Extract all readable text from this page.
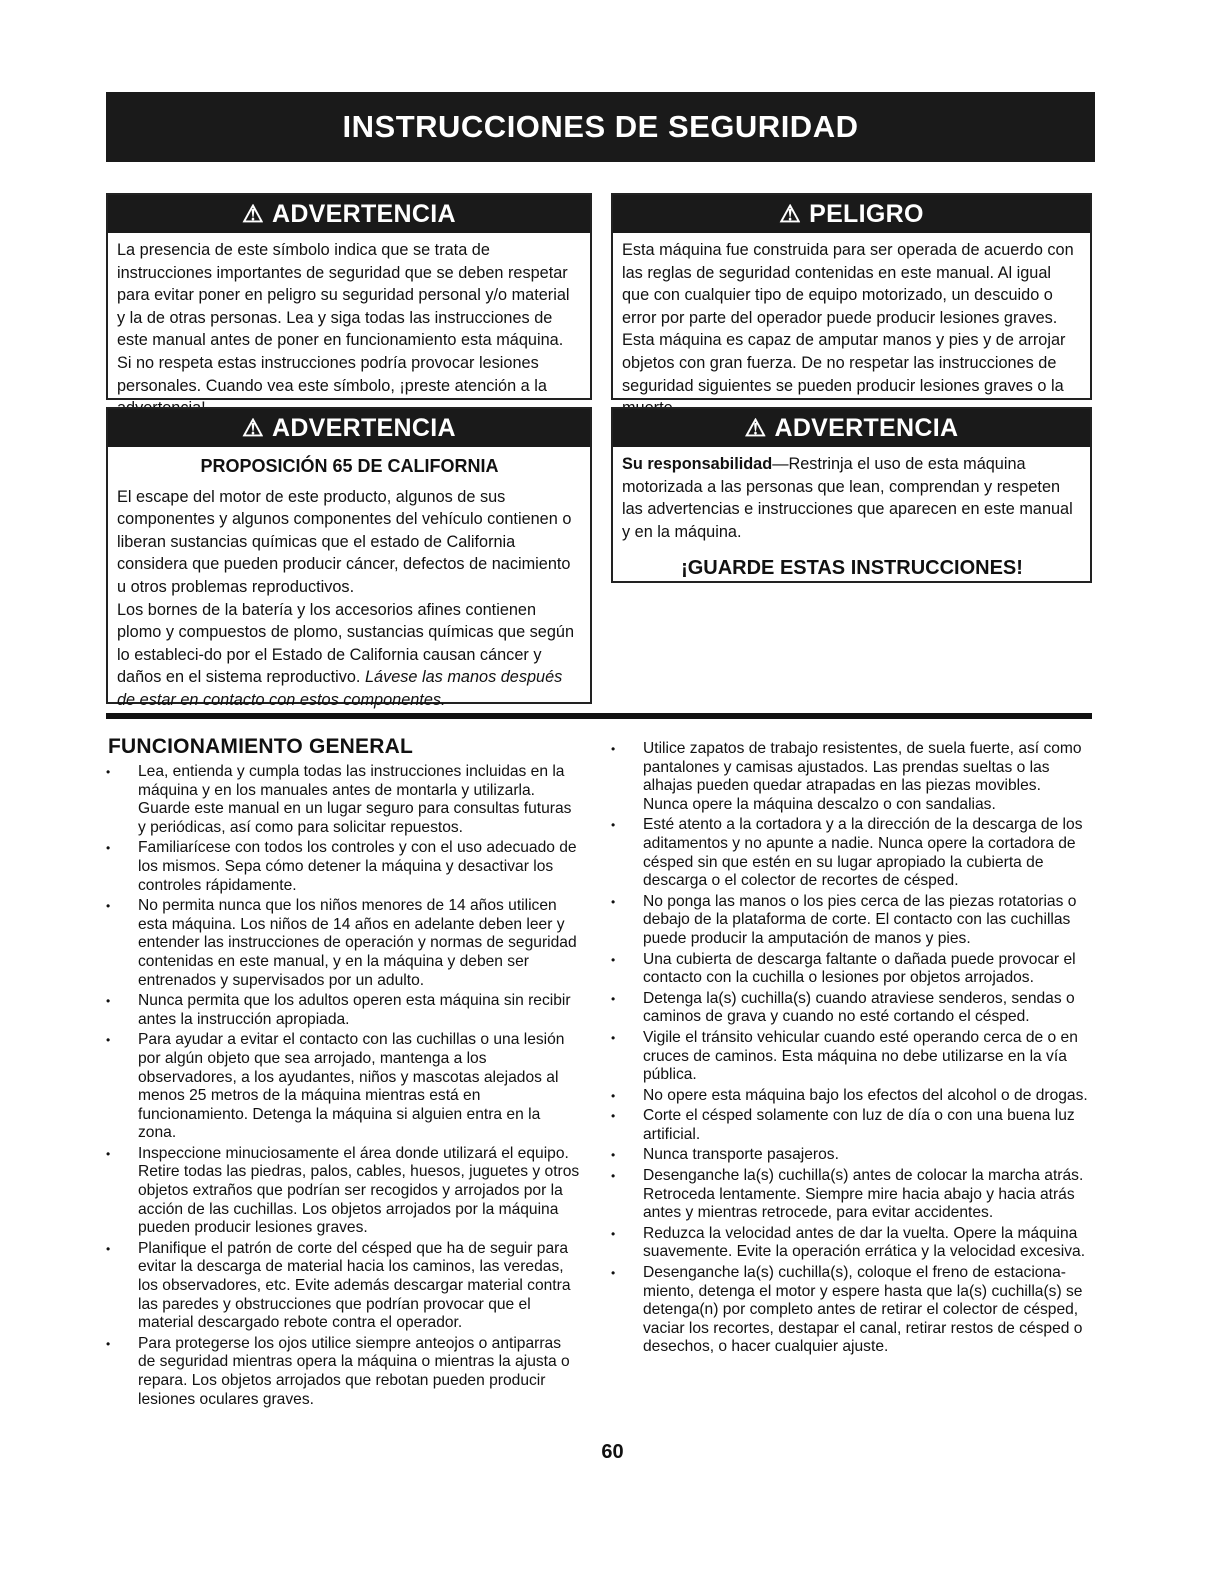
INSTRUCCIONES DE SEGURIDAD
⚠ ADVERTENCIA

La presencia de este símbolo indica que se trata de instrucciones importantes de seguridad que se deben respetar para evitar poner en peligro su seguridad personal y/o material y la de otras personas. Lea y siga todas las instrucciones de este manual antes de poner en funcionamiento esta máquina. Si no respeta estas instrucciones podría provocar lesiones personales. Cuando vea este símbolo, ¡preste atención a la

⚠ PELIGRO

Esta máquina fue construida para ser operada de acuerdo con las reglas de seguridad contenidas en este manual. Al igual que con cualquier tipo de equipo motorizado, un descuido o error por parte del operador puede producir lesiones graves. Esta máquina es capaz de amputar manos y pies y de arrojar objetos con gran fuerza. De no respetar las instrucciones de seguridad siguientes se pueden producir lesiones graves o la

⚠ ADVERTENCIA
PROPOSICIÓN 65 DE CALIFORNIA

El escape del motor de este producto, algunos de sus componentes y algunos componentes del vehículo contienen o liberan sustancias químicas que el estado de California considera que pueden producir cáncer, defectos de nacimiento u otros problemas reproductivos.

Los bornes de la batería y los accesorios afines contienen plomo y compuestos de plomo, sustancias químicas que según lo estableci-do por el Estado de California causan cáncer y daños en el sistema reproductivo. Lávese las manos después de estar en contacto con estos componentes.

⚠ ADVERTENCIA

Su responsabilidad—Restrinja el uso de esta máquina motorizada a las personas que lean, comprendan y respeten las advertencias e instrucciones que aparecen en este manual y en la máquina.

¡GUARDE ESTAS INSTRUCCIONES!
FUNCIONAMIENTO GENERAL
• Lea, entienda y cumpla todas las instrucciones incluidas en la máquina y en los manuales antes de montarla y utilizarla. Guarde este manual en un lugar seguro para consultas futuras y periódicas, así como para solicitar repuestos.
• Familiarícese con todos los controles y con el uso adecuado de los mismos. Sepa cómo detener la máquina y desactivar los controles rápidamente.
• No permita nunca que los niños menores de 14 años utilicen esta máquina. Los niños de 14 años en adelante deben leer y entender las instrucciones de operación y normas de seguridad contenidas en este manual, y en la máquina y deben ser entrenados y supervisados por un adulto.
• Nunca permita que los adultos operen esta máquina sin recibir antes la instrucción apropiada.
• Para ayudar a evitar el contacto con las cuchillas o una lesión por algún objeto que sea arrojado, mantenga a los observadores, a los ayudantes, niños y mascotas alejados al menos 25 metros de la máquina mientras está en funcionamiento. Detenga la máquina si alguien entra en la zona.
• Inspeccione minuciosamente el área donde utilizará el equipo. Retire todas las piedras, palos, cables, huesos, juguetes y otros objetos extraños que podrían ser recogidos y arrojados por la acción de las cuchillas. Los objetos arrojados por la máquina pueden producir lesiones graves.
• Planifique el patrón de corte del césped que ha de seguir para evitar la descarga de material hacia los caminos, las veredas, los observadores, etc. Evite además descargar material contra las paredes y obstrucciones que podrían provocar que el material descargado rebote contra el operador.
• Para protegerse los ojos utilice siempre anteojos o antiparras de seguridad mientras opera la máquina o mientras la ajusta o repara. Los objetos arrojados que rebotan pueden producir lesiones oculares graves.
• Utilice zapatos de trabajo resistentes, de suela fuerte, así como pantalones y camisas ajustados. Las prendas sueltas o las alhajas pueden quedar atrapadas en las piezas movibles. Nunca opere la máquina descalzo o con sandalias.
• Esté atento a la cortadora y a la dirección de la descarga de los aditamentos y no apunte a nadie. Nunca opere la cortadora de césped sin que estén en su lugar apropiado la cubierta de descarga o el colector de recortes de césped.
• No ponga las manos o los pies cerca de las piezas rotatorias o debajo de la plataforma de corte. El contacto con las cuchillas puede producir la amputación de manos y pies.
• Una cubierta de descarga faltante o dañada puede provocar el contacto con la cuchilla o lesiones por objetos arrojados.
• Detenga la(s) cuchilla(s) cuando atraviese senderos, sendas o caminos de grava y cuando no esté cortando el césped.
• Vigile el tránsito vehicular cuando esté operando cerca de o en cruces de caminos. Esta máquina no debe utilizarse en la vía pública.
• No opere esta máquina bajo los efectos del alcohol o de drogas.
• Corte el césped solamente con luz de día o con una buena luz artificial.
• Nunca transporte pasajeros.
• Desenganche la(s) cuchilla(s) antes de colocar la marcha atrás. Retroceda lentamente. Siempre mire hacia abajo y hacia atrás antes y mientras retrocede, para evitar accidentes.
• Reduzca la velocidad antes de dar la vuelta. Opere la máquina suavemente. Evite la operación errática y la velocidad excesiva.
• Desenganche la(s) cuchilla(s), coloque el freno de estaciona-miento, detenga el motor y espere hasta que la(s) cuchilla(s) se detenga(n) por completo antes de retirar el colector de césped, vaciar los recortes, destapar el canal, retirar restos de césped o desechos, o hacer cualquier ajuste.
60
